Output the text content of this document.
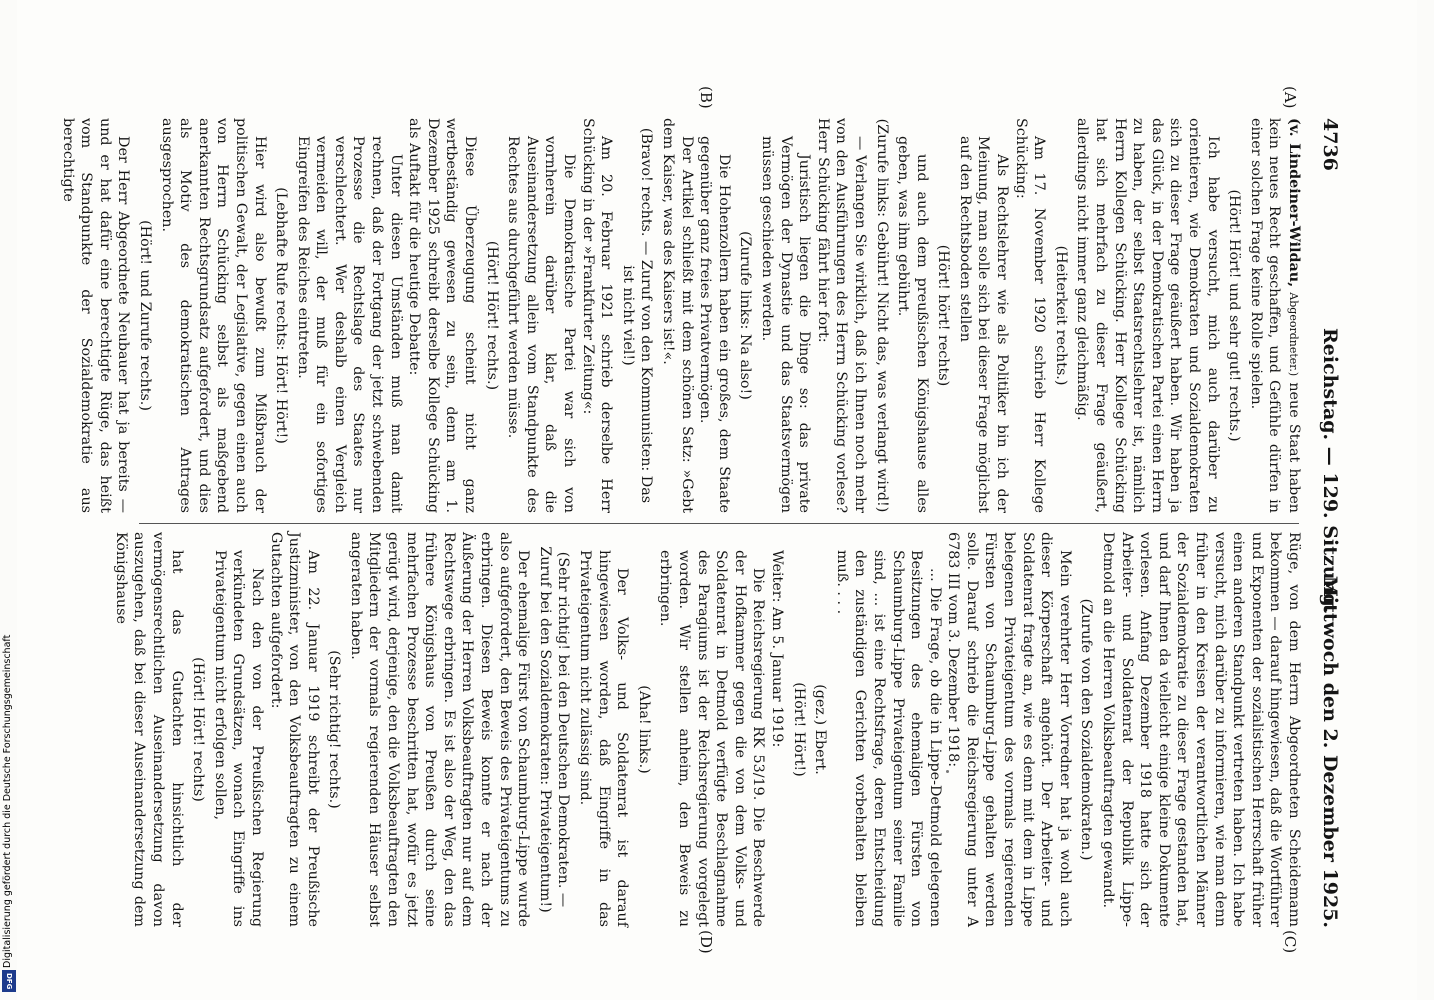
4736
Reichstag. — 129. Sitzung.
Mittwoch den 2. Dezember 1925.
(A)
(B)
(C)
(D)

(v. Lindeiner-Wildau, Abgeordneter.) neue Staat haben kein neues Recht geschaffen, und Gefühle dürfen in einer solchen Frage keine Rolle spielen.

(Hört! Hört! und sehr gut! rechts.)

Ich habe versucht, mich auch darüber zu orientieren, wie Demokraten und Sozialdemokraten sich zu dieser Frage geäußert haben. Wir haben ja das Glück, in der Demokratischen Partei einen Herrn zu haben, der selbst Staatsrechtslehrer ist, nämlich Herrn Kollegen Schücking. Herr Kollege Schücking hat sich mehrfach zu dieser Frage geäußert, allerdings nicht immer ganz gleichmäßig.

(Heiterkeit rechts.)

Am 17. November 1920 schrieb Herr Kollege Schücking:

Als Rechtslehrer wie als Politiker bin ich der Meinung, man solle sich bei dieser Frage möglichst auf den Rechtsboden stellen

(Hört! hört! rechts)

und auch dem preußischen Königshause alles geben, was ihm gebührt.

(Zurufe links: Gebührt! Nicht das, was verlangt wird!)

— Verlangen Sie wirklich, daß ich Ihnen noch mehr von den Ausführungen des Herrn Schücking vorlese? Herr Schücking fährt hier fort:

Juristisch liegen die Dinge so: das private Vermögen der Dynastie und das Staatsvermögen müssen geschieden werden.

(Zurufe links: Na also!)

Die Hohenzollern haben ein großes, dem Staate gegenüber ganz freies Privatvermögen.

Der Artikel schließt mit dem schönen Satz: »Gebt dem Kaiser, was des Kaisers ist!«.

(Bravo! rechts. — Zuruf von den Kommunisten: Das ist nicht viel!)

Am 20. Februar 1921 schrieb derselbe Herr Schücking in der »Frankfurter Zeitung«:

Die Demokratische Partei war sich von vornherein darüber klar, daß die Auseinandersetzung allein vom Standpunkte des Rechtes aus durchgeführt werden müsse.

(Hört! Hört! rechts.)

Diese Überzeugung scheint nicht ganz wertbeständig gewesen zu sein, denn am 1. Dezember 1925 schreibt derselbe Kollege Schücking als Auftakt für die heutige Debatte:

Unter diesen Umständen muß man damit rechnen, daß der Fortgang der jetzt schwebenden Prozesse die Rechtslage des Staates nur verschlechtert. Wer deshalb einen Vergleich vermeiden will, der muß für ein sofortiges Eingreifen des Reiches eintreten.

(Lebhafte Rufe rechts: Hört! Hört!)

Hier wird also bewußt zum Mißbrauch der politischen Gewalt, der Legislative, gegen einen auch von Herrn Schücking selbst als maßgebend anerkannten Rechtsgrundsatz aufgefordert, und dies als Motiv des demokratischen Antrages ausgesprochen.

(Hört! und Zurufe rechts.)

Der Herr Abgeordnete Neubauer hat ja bereits — und er hat dafür eine berechtigte Rüge, das heißt vom Standpunkte der Sozialdemokratie aus berechtigte

Rüge, von dem Herrn Abgeordneten Scheidemann bekommen — darauf hingewiesen, daß die Wortführer und Exponenten der sozialistischen Herrschaft früher einen anderen Standpunkt vertreten haben. Ich habe versucht, mich darüber zu informieren, wie man denn früher in den Kreisen der verantwortlichen Männer der Sozialdemokratie zu dieser Frage gestanden hat, und darf Ihnen da vielleicht einige kleine Dokumente vorlesen. Anfang Dezember 1918 hatte sich der Arbeiter- und Soldatenrat der Republik Lippe-Detmold an die Herren Volksbeauftragten gewandt.

(Zurufe von den Sozialdemokraten.)

Mein verehrter Herr Vorredner hat ja wohl auch dieser Körperschaft angehört. Der Arbeiter- und Soldatenrat fragte an, wie es denn mit dem in Lippe belegenen Privateigentum des vormals regierenden Fürsten von Schaumburg-Lippe gehalten werden solle. Darauf schrieb die Reichsregierung unter A 6783 III vom 3. Dezember 1918:

... Die Frage, ob die in Lippe-Detmold gelegenen Besitzungen des ehemaligen Fürsten von Schaumburg-Lippe Privateigentum seiner Familie sind, ... ist eine Rechtsfrage, deren Entscheidung den zuständigen Gerichten vorbehalten bleiben muß. . . .

(gez.) Ebert.

(Hört! Hört!)

Weiter: Am 5. Januar 1919:

Die Reichsregierung RK 53/19. Die Beschwerde der Hofkammer gegen die von dem Volks- und Soldatenrat in Detmold verfügte Beschlagnahme des Paragiums ist der Reichsregierung vorgelegt worden. Wir stellen anheim, den Beweis zu erbringen.

(Aha! links.)

Der Volks- und Soldatenrat ist darauf hingewiesen worden, daß Eingriffe in das Privateigentum nicht zulässig sind.

(Sehr richtig! bei den Deutschen Demokraten. — Zuruf bei den Sozialdemokraten: Privateigentum!)

Der ehemalige Fürst von Schaumburg-Lippe wurde also aufgefordert, den Beweis des Privateigentums zu erbringen. Diesen Beweis konnte er nach der Äußerung der Herren Volksbeauftragten nur auf dem Rechtswege erbringen. Es ist also der Weg, den das frühere Königshaus von Preußen durch seine mehrfachen Prozesse beschritten hat, wofür es jetzt gerügt wird, derjenige, den die Volksbeauftragten den Mitgliedern der vormals regierenden Häuser selbst angeraten haben.

(Sehr richtig! rechts.)

Am 22. Januar 1919 schreibt der Preußische Justizminister, von den Volksbeauftragten zu einem Gutachten aufgefordert:

Nach den von der Preußischen Regierung verkündeten Grundsätzen, wonach Eingriffe ins Privateigentum nicht erfolgen sollen,

(Hört! Hört! rechts)

hat das Gutachten hinsichtlich der vermögensrechtlichen Auseinandersetzung davon auszugehen, daß bei dieser Auseinandersetzung dem Königshause

Digitalisierung gefördert durch die Deutsche Forschungsgemeinschaft
DFG
